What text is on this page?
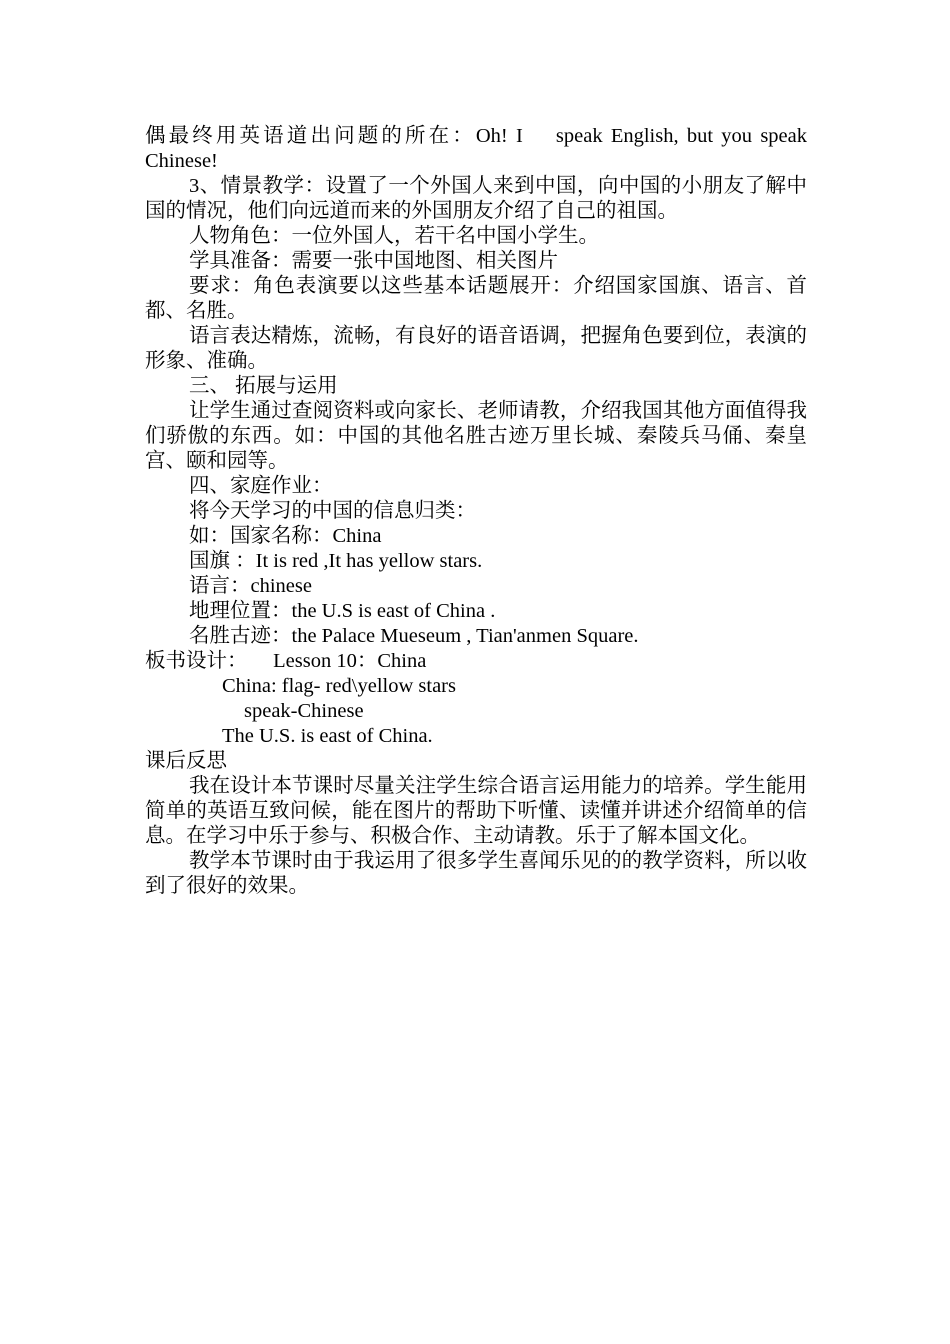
偶最终用英语道出问题的所在：Oh! I    speak English, but you speak Chinese!

3、情景教学：设置了一个外国人来到中国，向中国的小朋友了解中国的情况，他们向远道而来的外国朋友介绍了自己的祖国。

人物角色：一位外国人，若干名中国小学生。

学具准备：需要一张中国地图、相关图片

要求：角色表演要以这些基本话题展开：介绍国家国旗、语言、首都、名胜。

语言表达精炼，流畅，有良好的语音语调，把握角色要到位，表演的形象、准确。

三、 拓展与运用

让学生通过查阅资料或向家长、老师请教，介绍我国其他方面值得我们骄傲的东西。如：中国的其他名胜古迹万里长城、秦陵兵马俑、秦皇宫、颐和园等。

四、家庭作业：

将今天学习的中国的信息归类：

如：国家名称：China

国旗 ：It is red ,It has yellow stars.

语言：chinese

地理位置：the U.S is east of China .

名胜古迹：the Palace Mueseum , Tian'anmen Square.

板书设计：     Lesson 10：China

China: flag- red\yellow stars

speak-Chinese

The U.S. is east of China.

课后反思

我在设计本节课时尽量关注学生综合语言运用能力的培养。学生能用简单的英语互致问候，能在图片的帮助下听懂、读懂并讲述介绍简单的信息。在学习中乐于参与、积极合作、主动请教。乐于了解本国文化。

教学本节课时由于我运用了很多学生喜闻乐见的的教学资料，所以收到了很好的效果。
